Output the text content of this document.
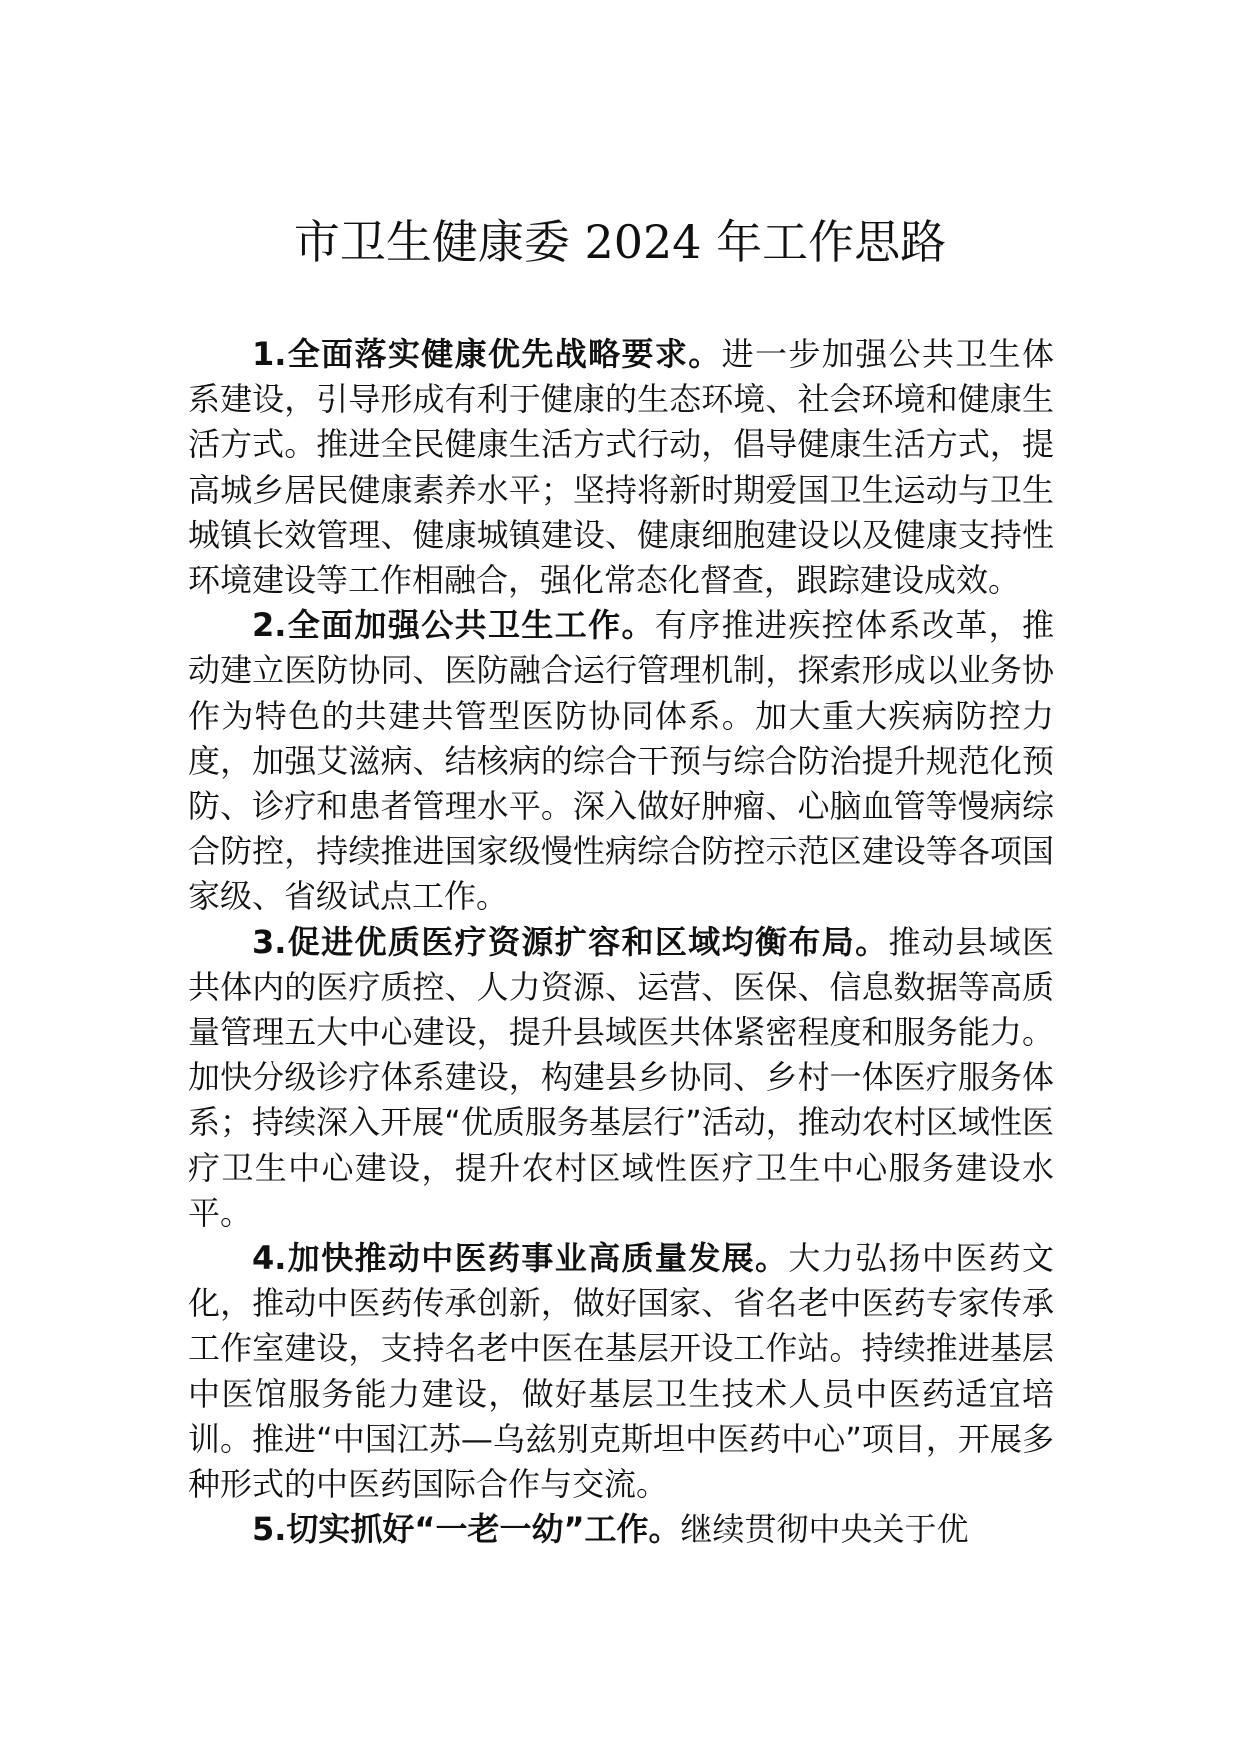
市卫生健康委 2024 年工作思路

1.全面落实健康优先战略要求。进一步加强公共卫生体系建设，引导形成有利于健康的生态环境、社会环境和健康生活方式。推进全民健康生活方式行动，倡导健康生活方式，提高城乡居民健康素养水平；坚持将新时期爱国卫生运动与卫生城镇长效管理、健康城镇建设、健康细胞建设以及健康支持性环境建设等工作相融合，强化常态化督查，跟踪建设成效。

2.全面加强公共卫生工作。有序推进疾控体系改革，推动建立医防协同、医防融合运行管理机制，探索形成以业务协作为特色的共建共管型医防协同体系。加大重大疾病防控力度，加强艾滋病、结核病的综合干预与综合防治提升规范化预防、诊疗和患者管理水平。深入做好肿瘤、心脑血管等慢病综合防控，持续推进国家级慢性病综合防控示范区建设等各项国家级、省级试点工作。

3.促进优质医疗资源扩容和区域均衡布局。推动县域医共体内的医疗质控、人力资源、运营、医保、信息数据等高质量管理五大中心建设，提升县域医共体紧密程度和服务能力。加快分级诊疗体系建设，构建县乡协同、乡村一体医疗服务体系；持续深入开展“优质服务基层行”活动，推动农村区域性医疗卫生中心建设，提升农村区域性医疗卫生中心服务建设水平。

4.加快推动中医药事业高质量发展。大力弘扬中医药文化，推动中医药传承创新，做好国家、省名老中医药专家传承工作室建设，支持名老中医在基层开设工作站。持续推进基层中医馆服务能力建设，做好基层卫生技术人员中医药适宜培训。推进“中国江苏—乌兹别克斯坦中医药中心”项目，开展多种形式的中医药国际合作与交流。

5.切实抓好“一老一幼”工作。继续贯彻中央关于优
